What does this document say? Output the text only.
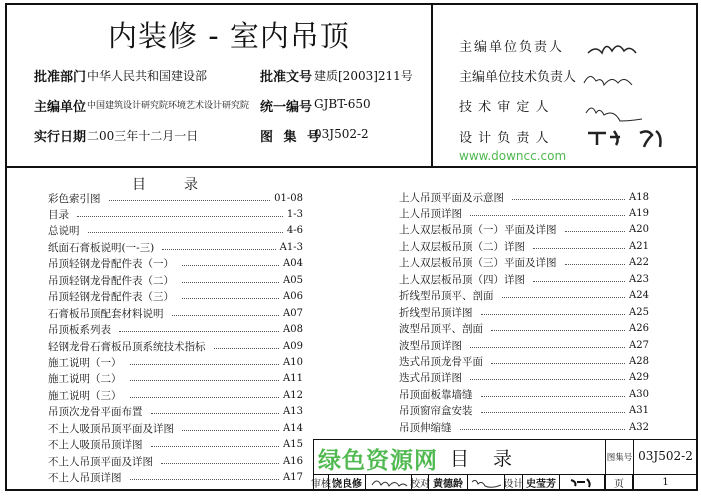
内装修 - 室内吊顶
批准部门 中华人民共和国建设部	批准文号 建质[2003]211号
主编单位 中国建筑设计研究院环境艺术设计研究院 统一编号 GJBT-650
实行日期 二00三年十二月一日	图 集 号
03J502-2
主编单位负责人
主编单位技术负责人
技 术 审 定 人
设 计 负 责 人
目录
彩色索引图	01-08
目录	1-3
总说明	4-6
纸面石膏板说明(一-三)	A1-3
吊顶轻钢龙骨配件表（一）	A04
吊顶轻钢龙骨配件表（二）	A05
吊顶轻钢龙骨配件表（三）	A06
石膏板吊顶配套材料说明	A07
吊顶板系列表	A08
轻钢龙骨石膏板吊顶系统技术指标	A09
施工说明（一）	A10
施工说明（二）	A11
施工说明（三）	A12
吊顶次龙骨平面布置	A13
不上人吸顶吊顶平面及详图	A14
不上人吸顶吊顶详图	A15
不上人吊顶平面及详图	A16
不上人吊顶详图	A17
上人吊顶平面及示意图	A18
上人吊顶详图	A19
上人双层板吊顶（一）平面及详图	A20
上人双层板吊顶（二）详图	A21
上人双层板吊顶（三）平面及详图	A22
上人双层板吊顶（四）详图	A23
折线型吊顶平、剖面	A24
折线型吊顶详图	A25
波型吊顶平、剖面	A26
波型吊顶详图	A27
迭式吊顶龙骨平面	A28
迭式吊顶详图	A29
吊顶面板靠墙缝	A30
吊顶窗帘盒安装	A31
吊顶伸缩缝	A32
目录	图集号 03J502-2
审核 饶良修	校对 黄德龄	设计 史莹芳	页	1
绿色资源网
www.downcc.com
